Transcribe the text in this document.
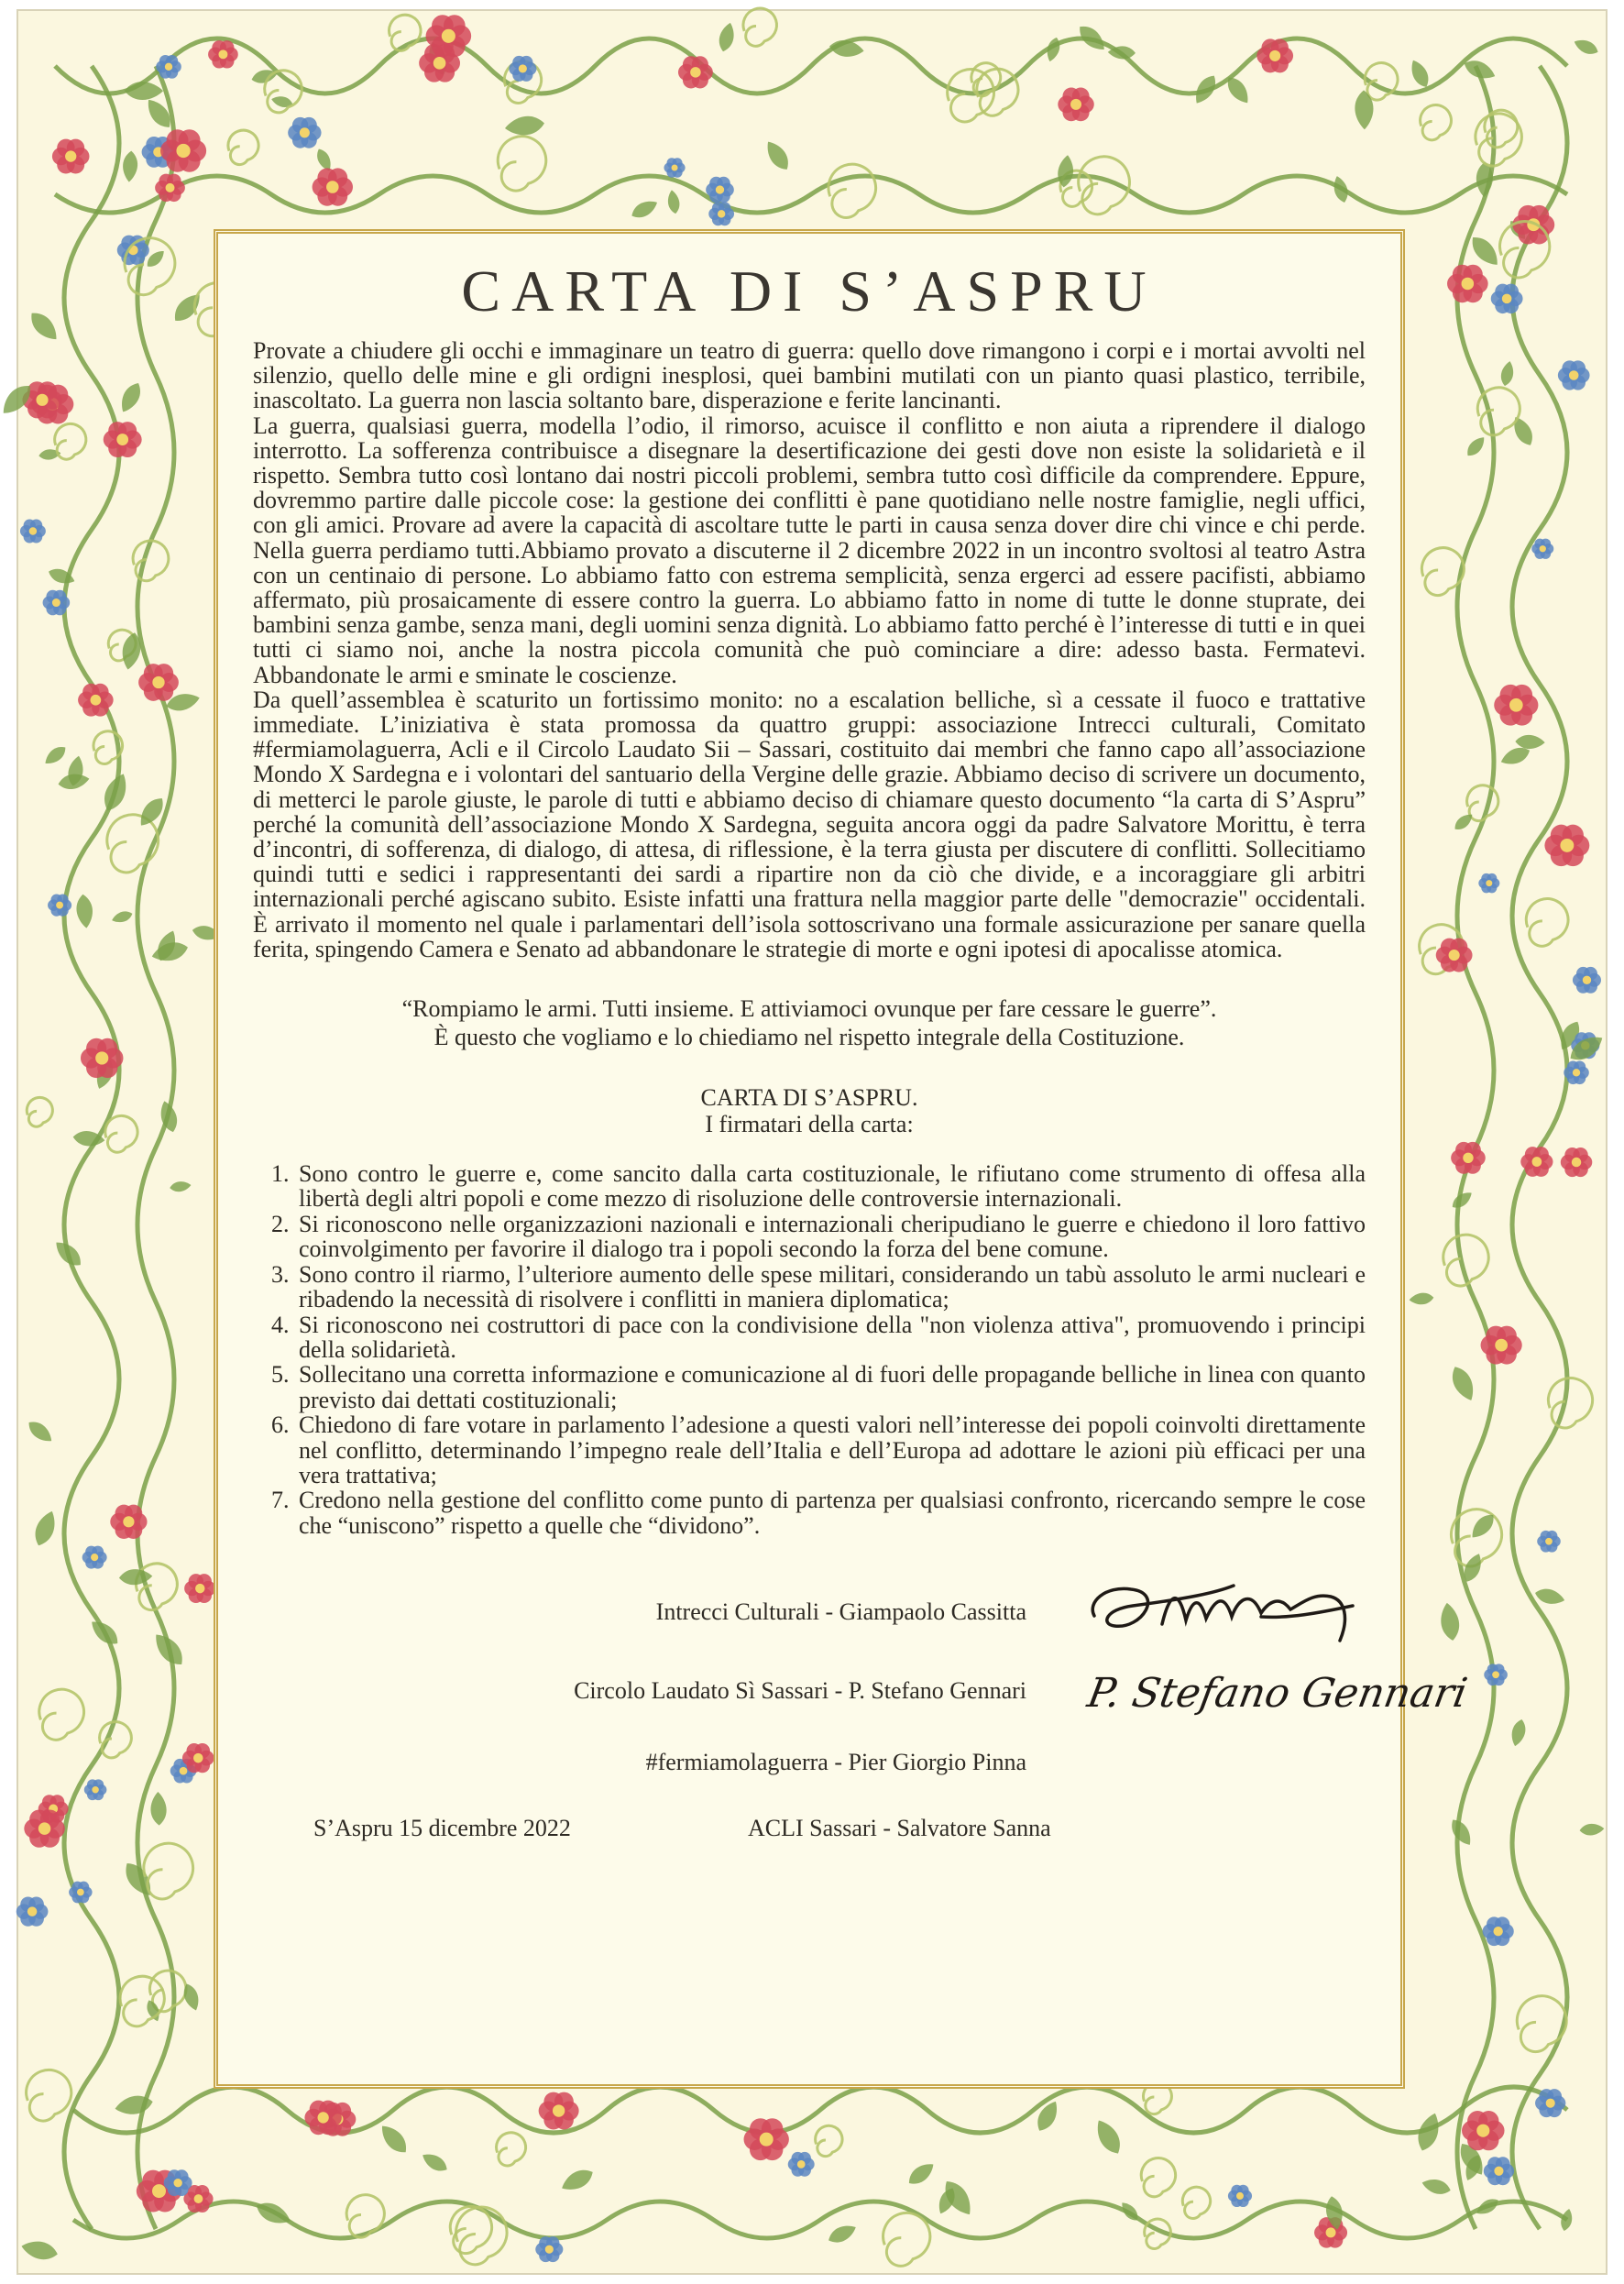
CARTA DI S’ASPRU

Provate a chiudere gli occhi e immaginare un teatro di guerra: quello dove rimangono i corpi e i mortai avvolti nel silenzio, quello delle mine e gli ordigni inesplosi, quei bambini mutilati con un pianto quasi plastico, terribile, inascoltato. La guerra non lascia soltanto bare, disperazione e ferite lancinanti.

La guerra, qualsiasi guerra, modella l’odio, il rimorso, acuisce il conflitto e non aiuta a riprendere il dialogo interrotto. La sofferenza contribuisce a disegnare la desertificazione dei gesti dove non esiste la solidarietà e il rispetto. Sembra tutto così lontano dai nostri piccoli problemi, sembra tutto così difficile da comprendere. Eppure, dovremmo partire dalle piccole cose: la gestione dei conflitti è pane quotidiano nelle nostre famiglie, negli uffici, con gli amici. Provare ad avere la capacità di ascoltare tutte le parti in causa senza dover dire chi vince e chi perde. Nella guerra perdiamo tutti.Abbiamo provato a discuterne il 2 dicembre 2022 in un incontro svoltosi al teatro Astra con un centinaio di persone. Lo abbiamo fatto con estrema semplicità, senza ergerci ad essere pacifisti, abbiamo affermato, più prosaicamente di essere contro la guerra. Lo abbiamo fatto in nome di tutte le donne stuprate, dei bambini senza gambe, senza mani, degli uomini senza dignità. Lo abbiamo fatto perché è l’interesse di tutti e in quei tutti ci siamo noi, anche la nostra piccola comunità che può cominciare a dire: adesso basta. Fermatevi. Abbandonate le armi e sminate le coscienze.

Da quell’assemblea è scaturito un fortissimo monito: no a escalation belliche, sì a cessate il fuoco e trattative immediate. L’iniziativa è stata promossa da quattro gruppi: associazione Intrecci culturali, Comitato #fermiamolaguerra, Acli e il Circolo Laudato Sii – Sassari, costituito dai membri che fanno capo all’associazione Mondo X Sardegna e i volontari del santuario della Vergine delle grazie. Abbiamo deciso di scrivere un documento, di metterci le parole giuste, le parole di tutti e abbiamo deciso di chiamare questo documento “la carta di S’Aspru” perché la comunità dell’associazione Mondo X Sardegna, seguita ancora oggi da padre Salvatore Morittu, è terra d’incontri, di sofferenza, di dialogo, di attesa, di riflessione, è la terra giusta per discutere di conflitti. Sollecitiamo quindi tutti e sedici i rappresentanti dei sardi a ripartire non da ciò che divide, e a incoraggiare gli arbitri internazionali perché agiscano subito. Esiste infatti una frattura nella maggior parte delle "democrazie" occidentali. È arrivato il momento nel quale i parlamentari dell’isola sottoscrivano una formale assicurazione per sanare quella ferita, spingendo Camera e Senato ad abbandonare le strategie di morte e ogni ipotesi di apocalisse atomica.

“Rompiamo le armi. Tutti insieme. E attiviamoci ovunque per fare cessare le guerre”.
È questo che vogliamo e lo chiediamo nel rispetto integrale della Costituzione.
CARTA DI S’ASPRU.
I firmatari della carta:
1. Sono contro le guerre e, come sancito dalla carta costituzionale, le rifiutano come strumento di offesa alla libertà degli altri popoli e come mezzo di risoluzione delle controversie internazionali.
2. Si riconoscono nelle organizzazioni nazionali e internazionali cheripudiano le guerre e chiedono il loro fattivo coinvolgimento per favorire il dialogo tra i popoli secondo la forza del bene comune.
3. Sono contro il riarmo, l’ulteriore aumento delle spese militari, considerando un tabù assoluto le armi nucleari e ribadendo la necessità di risolvere i conflitti in maniera diplomatica;
4. Si riconoscono nei costruttori di pace con la condivisione della "non violenza attiva", promuovendo i principi della solidarietà.
5. Sollecitano una corretta informazione e comunicazione al di fuori delle propagande belliche in linea con quanto previsto dai dettati costituzionali;
6. Chiedono di fare votare in parlamento l’adesione a questi valori nell’interesse dei popoli coinvolti direttamente nel conflitto, determinando l’impegno reale dell’Italia e dell’Europa ad adottare le azioni più efficaci per una vera trattativa;
7. Credono nella gestione del conflitto come punto di partenza per qualsiasi confronto, ricercando sempre le cose che “uniscono” rispetto a quelle che “dividono”.
Intrecci Culturali - Giampaolo Cassitta
Circolo Laudato Sì Sassari - P. Stefano Gennari P. Stefano Gennari
#fermiamolaguerra - Pier Giorgio Pinna
S’Aspru 15 dicembre 2022	ACLI Sassari - Salvatore Sanna
